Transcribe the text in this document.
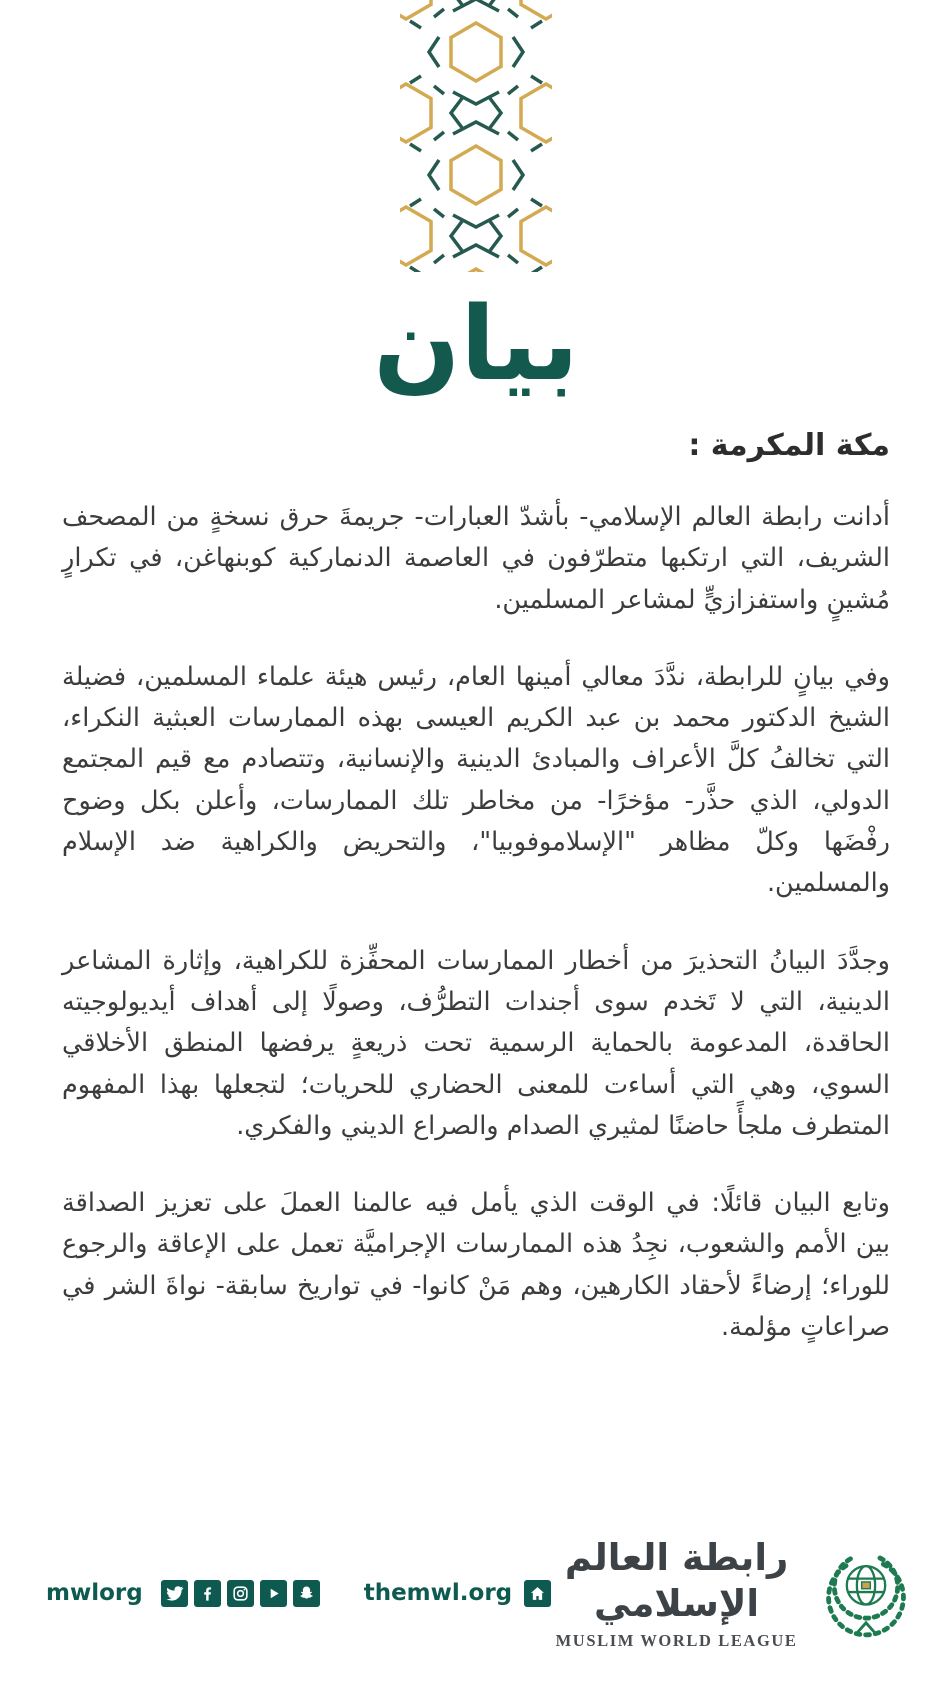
بيان
مكة المكرمة :

أدانت رابطة العالم الإسلامي- بأشدّ العبارات- جريمةَ حرق نسخةٍ من المصحف الشريف، التي ارتكبها متطرّفون في العاصمة الدنماركية كوبنهاغن، في تكرارٍ مُشينٍ واستفزازيٍّ لمشاعر المسلمين.

وفي بيانٍ للرابطة، ندَّدَ معالي أمينها العام، رئيس هيئة علماء المسلمين، فضيلة الشيخ الدكتور محمد بن عبد الكريم العيسى بهذه الممارسات العبثية النكراء، التي تخالفُ كلَّ الأعراف والمبادئ الدينية والإنسانية، وتتصادم مع قيم المجتمع الدولي، الذي حذَّر- مؤخرًا- من مخاطر تلك الممارسات، وأعلن بكل وضوح رفْضَها وكلّ مظاهر "الإسلاموفوبيا"، والتحريض والكراهية ضد الإسلام والمسلمين.

وجدَّدَ البيانُ التحذيرَ من أخطار الممارسات المحفِّزة للكراهية، وإثارة المشاعر الدينية، التي لا تَخدم سوى أجندات التطرُّف، وصولًا إلى أهداف أيديولوجيته الحاقدة، المدعومة بالحماية الرسمية تحت ذريعةٍ يرفضها المنطق الأخلاقي السوي، وهي التي أساءت للمعنى الحضاري للحريات؛ لتجعلها بهذا المفهوم المتطرف ملجأً حاضنًا لمثيري الصدام والصراع الديني والفكري.

وتابع البيان قائلًا: في الوقت الذي يأمل فيه عالمنا العملَ على تعزيز الصداقة بين الأمم والشعوب، نجِدُ هذه الممارسات الإجراميَّة تعمل على الإعاقة والرجوع للوراء؛ إرضاءً لأحقاد الكارهين، وهم مَنْ كانوا- في تواريخ سابقة- نواةَ الشر في صراعاتٍ مؤلمة.

mwlorg	themwl.org
رابطة العالم الإسلامي
MUSLIM WORLD LEAGUE
